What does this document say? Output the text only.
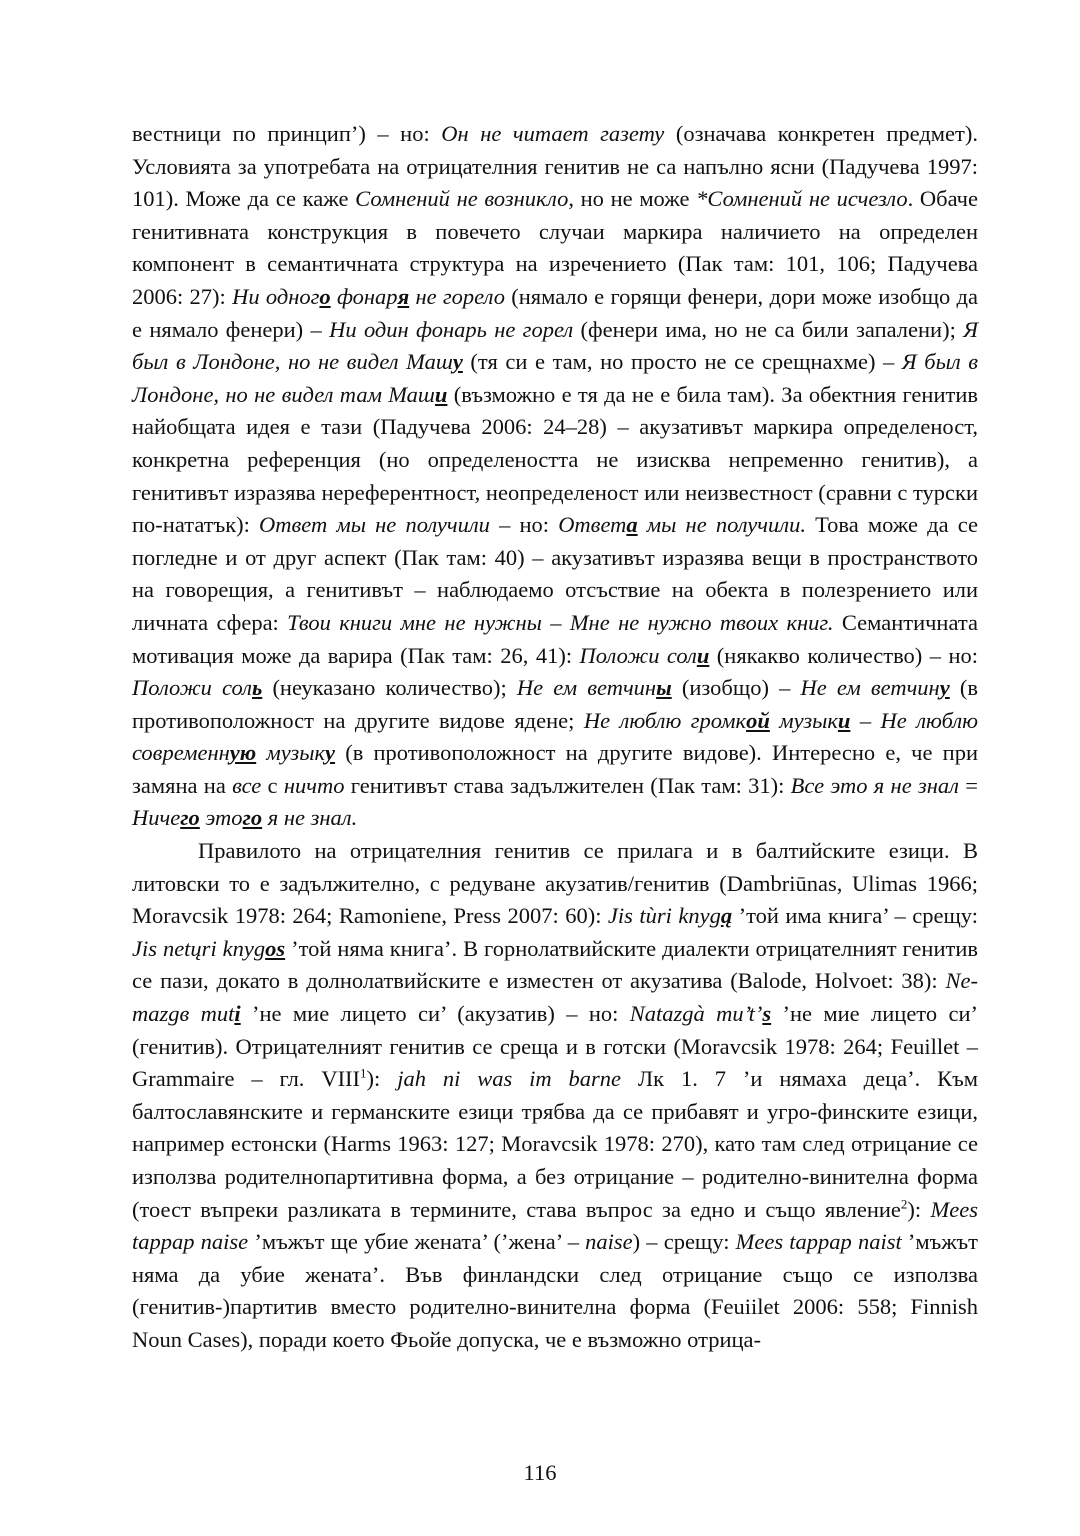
вестници по принцип’) – но: Он не читает газету (означава конкретен предмет). Условията за употребата на отрицателния генитив не са напълно ясни (Падучева 1997: 101). Може да се каже Сомнений не возникло, но не може *Сомнений не исчезло. Обаче генитивната конструкция в повечето случаи маркира наличието на определен компонент в семантичната структура на изречението (Пак там: 101, 106; Падучева 2006: 27): Ни одного фонаря не горело (нямало е горящи фенери, дори може изобщо да е нямало фенери) – Ни один фонарь не горел (фенери има, но не са били запалени); Я был в Лондоне, но не видел Машу (тя си е там, но просто не се срещнахме) – Я был в Лондоне, но не видел там Маши (възможно е тя да не е била там). За обектния генитив найобщата идея е тази (Падучева 2006: 24–28) – акузативът маркира определеност, конкретна референция (но определеността не изисква непременно генитив), а генитивът изразява нереферентност, неопределеност или неизвестност (сравни с турски по-нататък): Ответ мы не получили – но: Ответа мы не получили. Това може да се погледне и от друг аспект (Пак там: 40) – акузативът изразява вещи в пространството на говорещия, а генитивът – наблюдаемо отсъствие на обекта в полезрението или личната сфера: Твои книги мне не нужны – Мне не нужно твоих книг. Семантичната мотивация може да варира (Пак там: 26, 41): Положи соли (някакво количество) – но: Положи соль (неуказано количество); Не ем ветчины (изобщо) – Не ем ветчину (в противоположност на другите видове ядене; Не люблю громкой музыки – Не люблю современную музыку (в противоположност на другите видове). Интересно е, че при замяна на все с ничто генитивът става задължителен (Пак там: 31): Все это я не знал = Ничего этого я не знал.

Правилото на отрицателния генитив се прилага и в балтийските езици. В литовски то е задължително, с редуване акузатив/генитив (Dambriūnas, Ulimas 1966; Moravcsik 1978: 264; Ramoniene, Press 2007: 60): Jis tùri knygą ’той има книга’ – срещу: Jis netųri knygos ’той няма книга’. В горнолатвийските диалекти отрицателният генитив се пази, докато в долнолатвийските е изместен от акузатива (Balode, Holvoet: 38): Ne-mazgв muti ’не мие лицето си’ (акузатив) – но: Natazgà mu’t’s ’не мие лицето си’ (генитив). Отрицателният генитив се среща и в готски (Moravcsik 1978: 264; Feuillet – Grammaire – гл. VIII$^1$): jah ni was im barne Лк 1. 7 ’и нямаха деца’. Към балтославянските и германските езици трябва да се прибавят и угро-финските езици, например естонски (Harms 1963: 127; Moravcsik 1978: 270), като там след отрицание се използва родителнопартитивна форма, а без отрицание – родително-винителна форма (тоест въпреки разликата в термините, става въпрос за едно и също явление$^2$): Mees tappap naise ’мъжът ще убие жената’ (’жена’ – naise) – срещу: Mees tappap naist ’мъжът няма да убие жената’. Във финландски след отрицание също се използва (генитив-)партитив вместо родително-винителна форма (Feuiilet 2006: 558; Finnish Noun Cases), поради което Фьойе допуска, че е възможно отрица-

116
